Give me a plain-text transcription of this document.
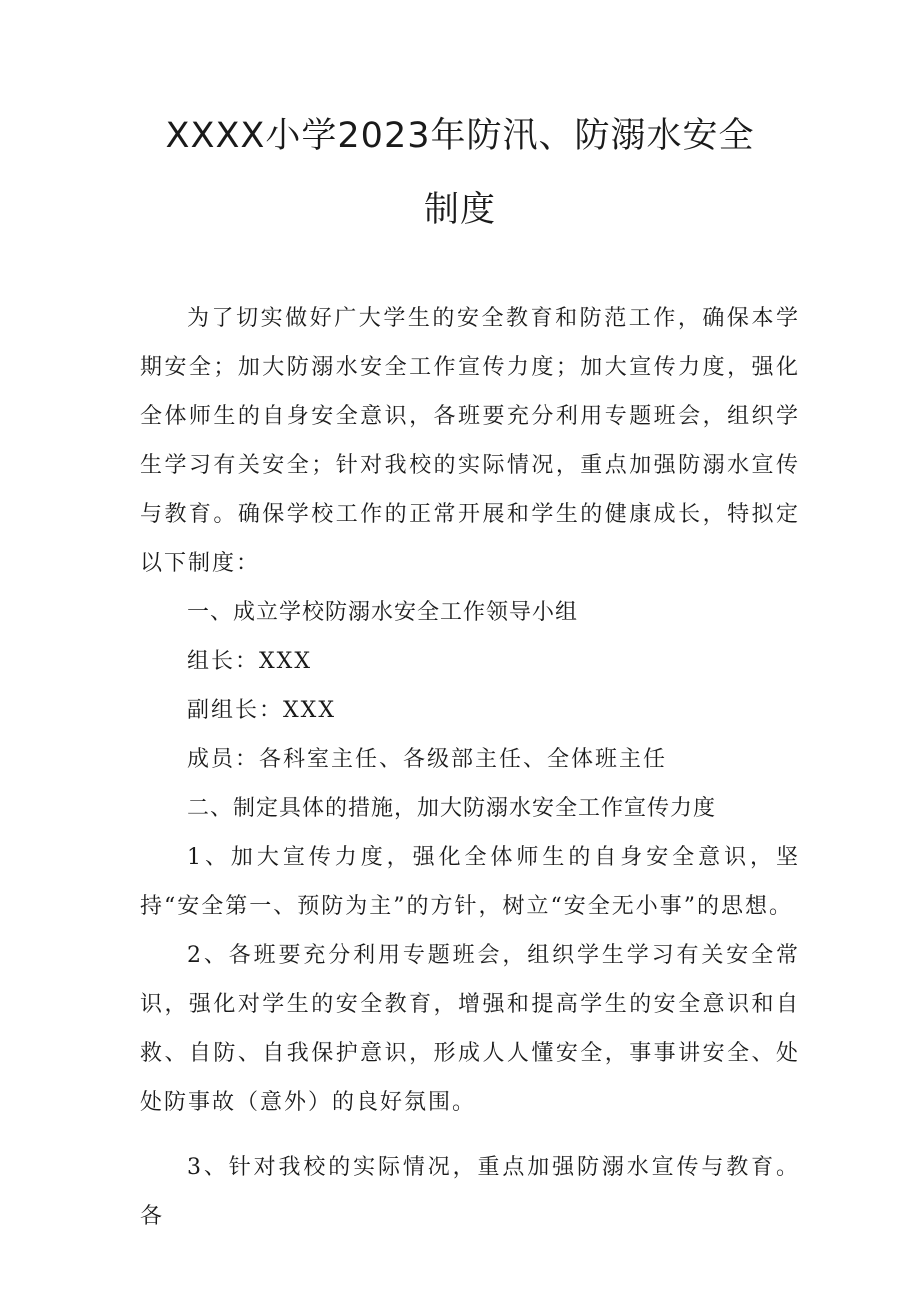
XXXX小学2023年防汛、防溺水安全
制度

为了切实做好广大学生的安全教育和防范工作，确保本学期安全；加大防溺水安全工作宣传力度；加大宣传力度，强化全体师生的自身安全意识，各班要充分利用专题班会，组织学生学习有关安全；针对我校的实际情况，重点加强防溺水宣传与教育。确保学校工作的正常开展和学生的健康成长，特拟定以下制度：

一、成立学校防溺水安全工作领导小组

组长：XXX

副组长：XXX

成员：各科室主任、各级部主任、全体班主任

二、制定具体的措施，加大防溺水安全工作宣传力度

1、加大宣传力度，强化全体师生的自身安全意识，坚持“安全第一、预防为主”的方针，树立“安全无小事”的思想。

2、各班要充分利用专题班会，组织学生学习有关安全常识，强化对学生的安全教育，增强和提高学生的安全意识和自救、自防、自我保护意识，形成人人懂安全，事事讲安全、处处防事故（意外）的良好氛围。

3、针对我校的实际情况，重点加强防溺水宣传与教育。各
